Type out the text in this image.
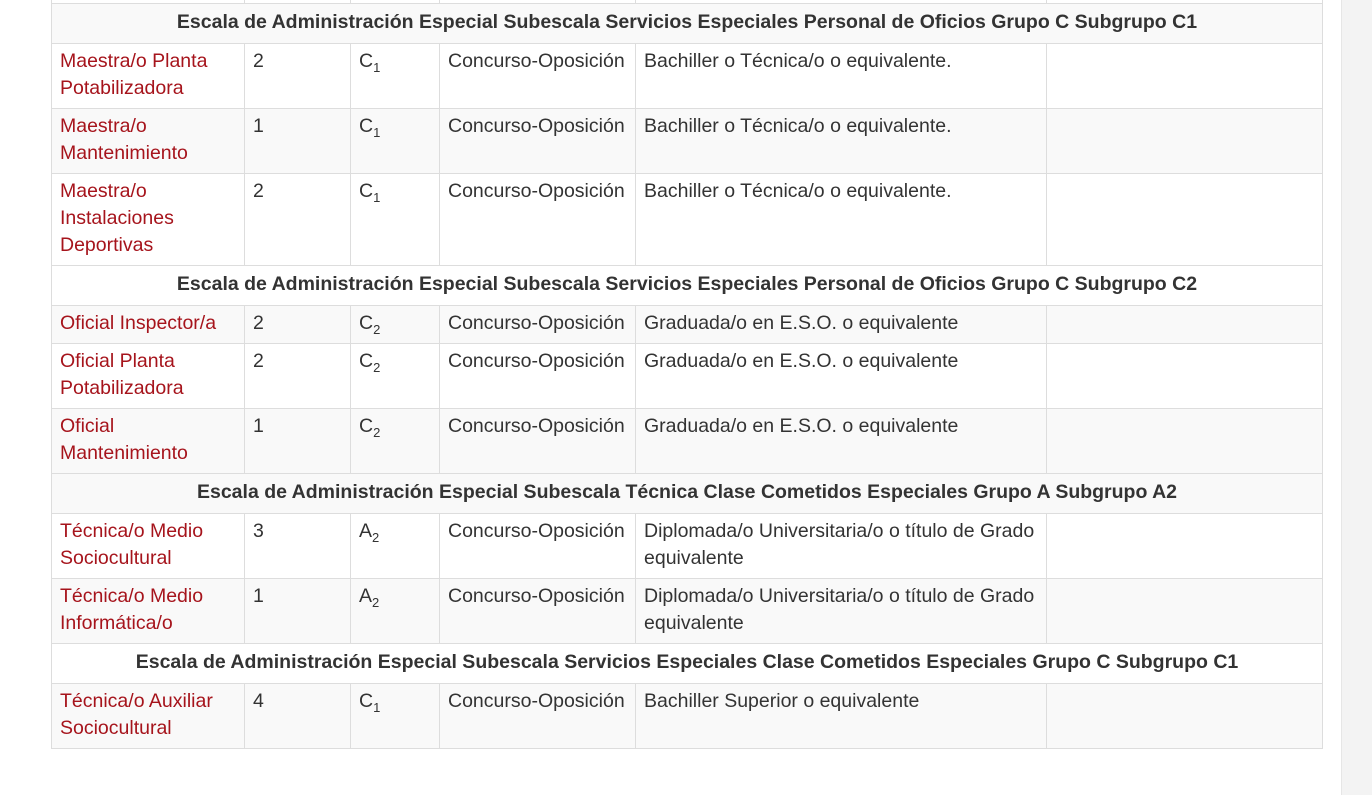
Escala de Administración Especial Subescala Servicios Especiales Personal de Oficios Grupo C Subgrupo C1					
Maestra/o Planta Potabilizadora	2	$C_1$	Concurso-Oposición	Bachiller o Técnica/o o equivalente.	
Maestra/o Mantenimiento	1	$C_1$	Concurso-Oposición	Bachiller o Técnica/o o equivalente.	
Maestra/o Instalaciones Deportivas	2	$C_1$	Concurso-Oposición	Bachiller o Técnica/o o equivalente.	
Escala de Administración Especial Subescala Servicios Especiales Personal de Oficios Grupo C Subgrupo C2					
Oficial Inspector/a	2	$C_2$	Concurso-Oposición	Graduada/o en E.S.O. o equivalente	
Oficial Planta Potabilizadora	2	$C_2$	Concurso-Oposición	Graduada/o en E.S.O. o equivalente	
Oficial Mantenimiento	1	$C_2$	Concurso-Oposición	Graduada/o en E.S.O. o equivalente	
Escala de Administración Especial Subescala Técnica Clase Cometidos Especiales Grupo A Subgrupo A2					
Técnica/o Medio Sociocultural	3	$A_2$	Concurso-Oposición	Diplomada/o Universitaria/o o título de Grado equivalente	
Técnica/o Medio Informática/o	1	$A_2$	Concurso-Oposición	Diplomada/o Universitaria/o o título de Grado equivalente	
Escala de Administración Especial Subescala Servicios Especiales Clase Cometidos Especiales Grupo C Subgrupo C1					
Técnica/o Auxiliar Sociocultural	4	$C_1$	Concurso-Oposición	Bachiller Superior o equivalente	
